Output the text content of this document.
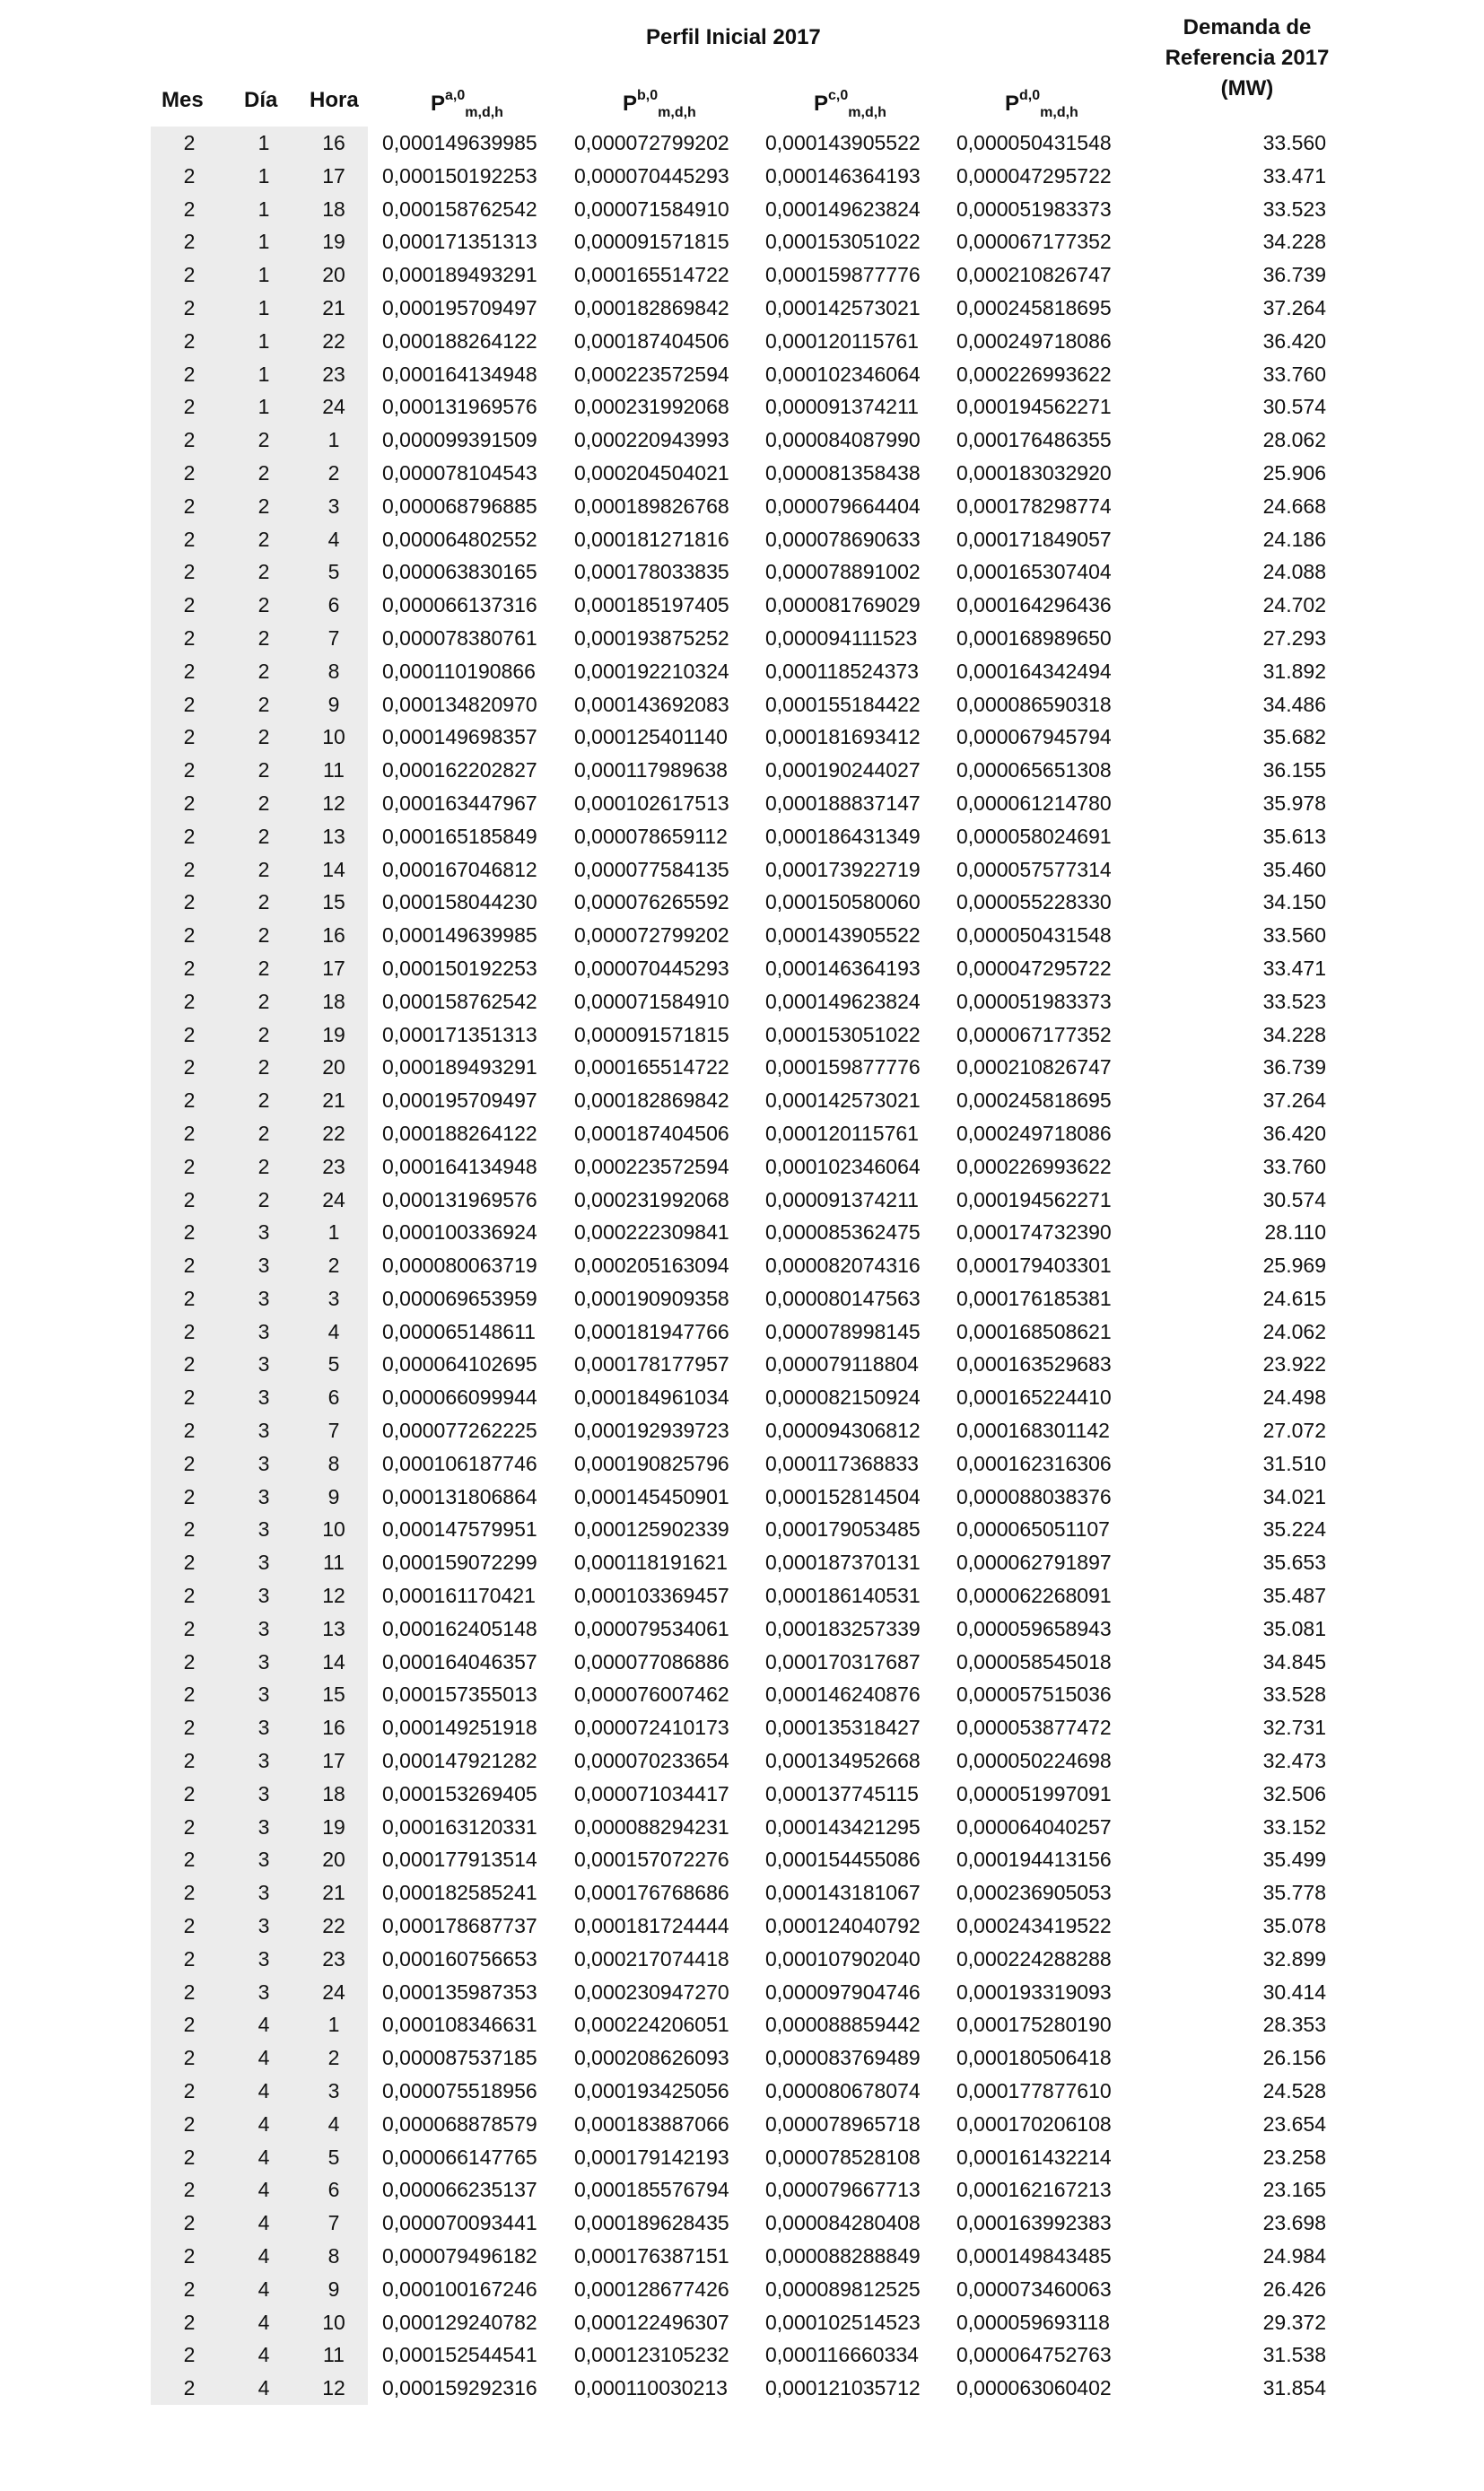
Perfil Inicial 2017	Demanda de
Referencia 2017
(MW)
Mes Día Hora	P$^{a,0}_{m,d,h}$	P$^{b,0}_{m,d,h}$	P$^{c,0}_{m,d,h}$	P$^{d,0}_{m,d,h}$
2	1	16	0,000149639985 0,000072799202 0,000143905522 0,000050431548	33.560
2	1	17	0,000150192253 0,000070445293 0,000146364193 0,000047295722	33.471
2	1	18	0,000158762542 0,000071584910 0,000149623824 0,000051983373	33.523
2	1	19	0,000171351313 0,000091571815 0,000153051022 0,000067177352	34.228
2	1	20	0,000189493291 0,000165514722 0,000159877776 0,000210826747	36.739
2	1	21	0,000195709497 0,000182869842 0,000142573021 0,000245818695	37.264
2	1	22	0,000188264122 0,000187404506 0,000120115761 0,000249718086	36.420
2	1	23	0,000164134948 0,000223572594 0,000102346064 0,000226993622	33.760
2	1	24	0,000131969576 0,000231992068 0,000091374211 0,000194562271	30.574
2	2	1	0,000099391509 0,000220943993 0,000084087990 0,000176486355	28.062
2	2	2	0,000078104543 0,000204504021 0,000081358438 0,000183032920	25.906
2	2	3	0,000068796885 0,000189826768 0,000079664404 0,000178298774	24.668
2	2	4	0,000064802552 0,000181271816 0,000078690633 0,000171849057	24.186
2	2	5	0,000063830165 0,000178033835 0,000078891002 0,000165307404	24.088
2	2	6	0,000066137316 0,000185197405 0,000081769029 0,000164296436	24.702
2	2	7	0,000078380761 0,000193875252 0,000094111523 0,000168989650	27.293
2	2	8	0,000110190866 0,000192210324 0,000118524373 0,000164342494	31.892
2	2	9	0,000134820970 0,000143692083 0,000155184422 0,000086590318	34.486
2	2	10	0,000149698357 0,000125401140 0,000181693412 0,000067945794	35.682
2	2	11	0,000162202827 0,000117989638 0,000190244027 0,000065651308	36.155
2	2	12	0,000163447967 0,000102617513 0,000188837147 0,000061214780	35.978
2	2	13	0,000165185849 0,000078659112 0,000186431349 0,000058024691	35.613
2	2	14	0,000167046812 0,000077584135 0,000173922719 0,000057577314	35.460
2	2	15	0,000158044230 0,000076265592 0,000150580060 0,000055228330	34.150
2	2	16	0,000149639985 0,000072799202 0,000143905522 0,000050431548	33.560
2	2	17	0,000150192253 0,000070445293 0,000146364193 0,000047295722	33.471
2	2	18	0,000158762542 0,000071584910 0,000149623824 0,000051983373	33.523
2	2	19	0,000171351313 0,000091571815 0,000153051022 0,000067177352	34.228
2	2	20	0,000189493291 0,000165514722 0,000159877776 0,000210826747	36.739
2	2	21	0,000195709497 0,000182869842 0,000142573021 0,000245818695	37.264
2	2	22	0,000188264122 0,000187404506 0,000120115761 0,000249718086	36.420
2	2	23	0,000164134948 0,000223572594 0,000102346064 0,000226993622	33.760
2	2	24	0,000131969576 0,000231992068 0,000091374211 0,000194562271	30.574
2	3	1	0,000100336924 0,000222309841 0,000085362475 0,000174732390	28.110
2	3	2	0,000080063719 0,000205163094 0,000082074316 0,000179403301	25.969
2	3	3	0,000069653959 0,000190909358 0,000080147563 0,000176185381	24.615
2	3	4	0,000065148611 0,000181947766 0,000078998145 0,000168508621	24.062
2	3	5	0,000064102695 0,000178177957 0,000079118804 0,000163529683	23.922
2	3	6	0,000066099944 0,000184961034 0,000082150924 0,000165224410	24.498
2	3	7	0,000077262225 0,000192939723 0,000094306812 0,000168301142	27.072
2	3	8	0,000106187746 0,000190825796 0,000117368833 0,000162316306	31.510
2	3	9	0,000131806864 0,000145450901 0,000152814504 0,000088038376	34.021
2	3	10	0,000147579951 0,000125902339 0,000179053485 0,000065051107	35.224
2	3	11	0,000159072299 0,000118191621 0,000187370131 0,000062791897	35.653
2	3	12	0,000161170421 0,000103369457 0,000186140531 0,000062268091	35.487
2	3	13	0,000162405148 0,000079534061 0,000183257339 0,000059658943	35.081
2	3	14	0,000164046357 0,000077086886 0,000170317687 0,000058545018	34.845
2	3	15	0,000157355013 0,000076007462 0,000146240876 0,000057515036	33.528
2	3	16	0,000149251918 0,000072410173 0,000135318427 0,000053877472	32.731
2	3	17	0,000147921282 0,000070233654 0,000134952668 0,000050224698	32.473
2	3	18	0,000153269405 0,000071034417 0,000137745115 0,000051997091	32.506
2	3	19	0,000163120331 0,000088294231 0,000143421295 0,000064040257	33.152
2	3	20	0,000177913514 0,000157072276 0,000154455086 0,000194413156	35.499
2	3	21	0,000182585241 0,000176768686 0,000143181067 0,000236905053	35.778
2	3	22	0,000178687737 0,000181724444 0,000124040792 0,000243419522	35.078
2	3	23	0,000160756653 0,000217074418 0,000107902040 0,000224288288	32.899
2	3	24	0,000135987353 0,000230947270 0,000097904746 0,000193319093	30.414
2	4	1	0,000108346631 0,000224206051 0,000088859442 0,000175280190	28.353
2	4	2	0,000087537185 0,000208626093 0,000083769489 0,000180506418	26.156
2	4	3	0,000075518956 0,000193425056 0,000080678074 0,000177877610	24.528
2	4	4	0,000068878579 0,000183887066 0,000078965718 0,000170206108	23.654
2	4	5	0,000066147765 0,000179142193 0,000078528108 0,000161432214	23.258
2	4	6	0,000066235137 0,000185576794 0,000079667713 0,000162167213	23.165
2	4	7	0,000070093441 0,000189628435 0,000084280408 0,000163992383	23.698
2	4	8	0,000079496182 0,000176387151 0,000088288849 0,000149843485	24.984
2	4	9	0,000100167246 0,000128677426 0,000089812525 0,000073460063	26.426
2	4	10	0,000129240782 0,000122496307 0,000102514523 0,000059693118	29.372
2	4	11	0,000152544541 0,000123105232 0,000116660334 0,000064752763	31.538
2	4	12	0,000159292316 0,000110030213 0,000121035712 0,000063060402	31.854
